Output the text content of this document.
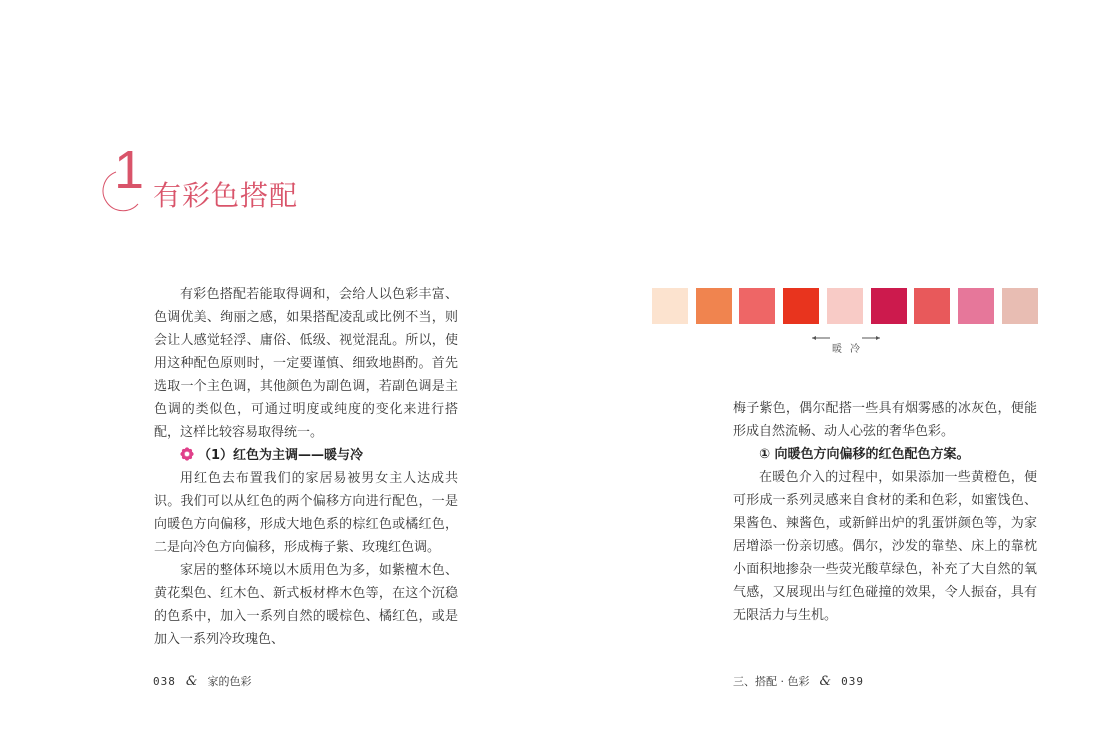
1 有彩色搭配

有彩色搭配若能取得调和，会给人以色彩丰富、色调优美、绚丽之感，如果搭配凌乱或比例不当，则会让人感觉轻浮、庸俗、低级、视觉混乱。所以，使用这种配色原则时，一定要谨慎、细致地斟酌。首先选取一个主色调，其他颜色为副色调，若副色调是主色调的类似色，可通过明度或纯度的变化来进行搭配，这样比较容易取得统一。

（1）红色为主调——暖与冷

用红色去布置我们的家居易被男女主人达成共识。我们可以从红色的两个偏移方向进行配色，一是向暖色方向偏移，形成大地色系的棕红色或橘红色，二是向冷色方向偏移，形成梅子紫、玫瑰红色调。

家居的整体环境以木质用色为多，如紫檀木色、黄花梨色、红木色、新式板材桦木色等，在这个沉稳的色系中，加入一系列自然的暖棕色、橘红色，或是加入一系列冷玫瑰色、

038 & 家的色彩
暖 冷

梅子紫色，偶尔配搭一些具有烟雾感的冰灰色，便能形成自然流畅、动人心弦的奢华色彩。

① 向暖色方向偏移的红色配色方案。

在暖色介入的过程中，如果添加一些黄橙色，便可形成一系列灵感来自食材的柔和色彩，如蜜饯色、果酱色、辣酱色，或新鲜出炉的乳蛋饼颜色等，为家居增添一份亲切感。偶尔，沙发的靠垫、床上的靠枕小面积地掺杂一些荧光酸草绿色，补充了大自然的氧气感，又展现出与红色碰撞的效果，令人振奋，具有无限活力与生机。

三、搭配 · 色彩 & 039
